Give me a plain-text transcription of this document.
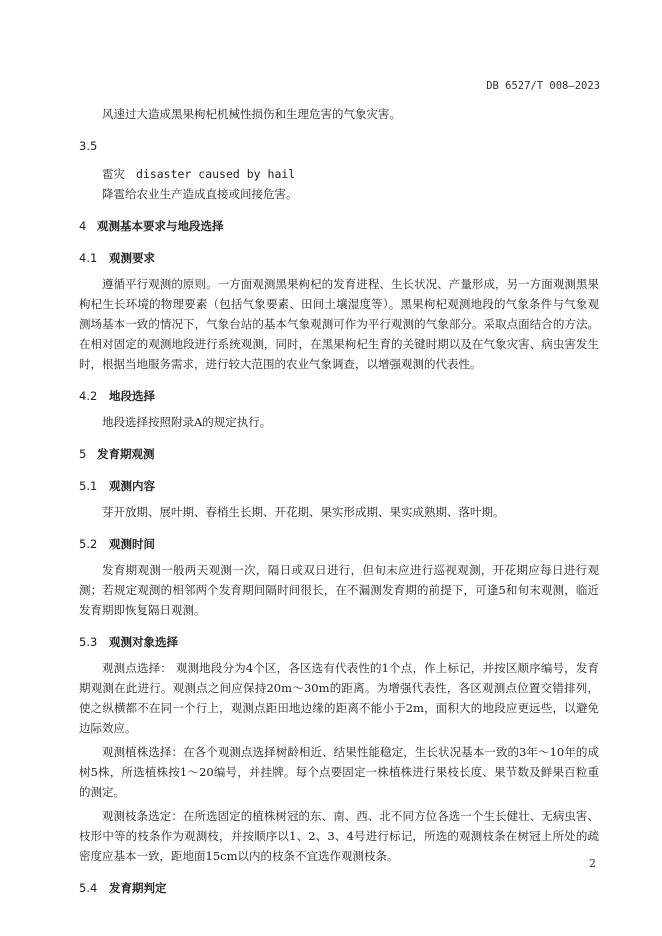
DB 6527/T 008—2023

风速过大造成黑果枸杞机械性损伤和生理危害的气象灾害。

3.5

雹灾 disaster caused by hail

降雹给农业生产造成直接或间接危害。

4 观测基本要求与地段选择
4.1 观测要求

遵循平行观测的原则。一方面观测黑果枸杞的发育进程、生长状况、产量形成，另一方面观测黑果枸杞生长环境的物理要素（包括气象要素、田间土壤湿度等）。黑果枸杞观测地段的气象条件与气象观测场基本一致的情况下，气象台站的基本气象观测可作为平行观测的气象部分。采取点面结合的方法。在相对固定的观测地段进行系统观测，同时，在黑果枸杞生育的关键时期以及在气象灾害、病虫害发生时，根据当地服务需求，进行较大范围的农业气象调查，以增强观测的代表性。

4.2 地段选择

地段选择按照附录A的规定执行。

5 发育期观测
5.1 观测内容

芽开放期、展叶期、春梢生长期、开花期、果实形成期、果实成熟期、落叶期。

5.2 观测时间

发育期观测一般两天观测一次，隔日或双日进行，但旬末应进行巡视观测，开花期应每日进行观测；若规定观测的相邻两个发育期间隔时间很长，在不漏测发育期的前提下，可逢5和旬末观测，临近发育期即恢复隔日观测。

5.3 观测对象选择

观测点选择： 观测地段分为4个区，各区选有代表性的1个点，作上标记，并按区顺序编号，发育期观测在此进行。观测点之间应保持20m～30m的距离。为增强代表性，各区观测点位置交错排列，使之纵横都不在同一个行上，观测点距田地边缘的距离不能小于2m，面积大的地段应更远些，以避免边际效应。

观测植株选择：在各个观测点选择树龄相近、结果性能稳定，生长状况基本一致的3年～10年的成树5株，所选植株按1～20编号，并挂牌。每个点要固定一株植株进行果枝长度、果节数及鲜果百粒重的测定。

观测枝条选定：在所选固定的植株树冠的东、南、西、北不同方位各选一个生长健壮、无病虫害、枝形中等的枝条作为观测枝，并按顺序以1、2、3、4号进行标记，所选的观测枝条在树冠上所处的疏密度应基本一致，距地面15cm以内的枝条不宜选作观测枝条。

5.4 发育期判定
2
